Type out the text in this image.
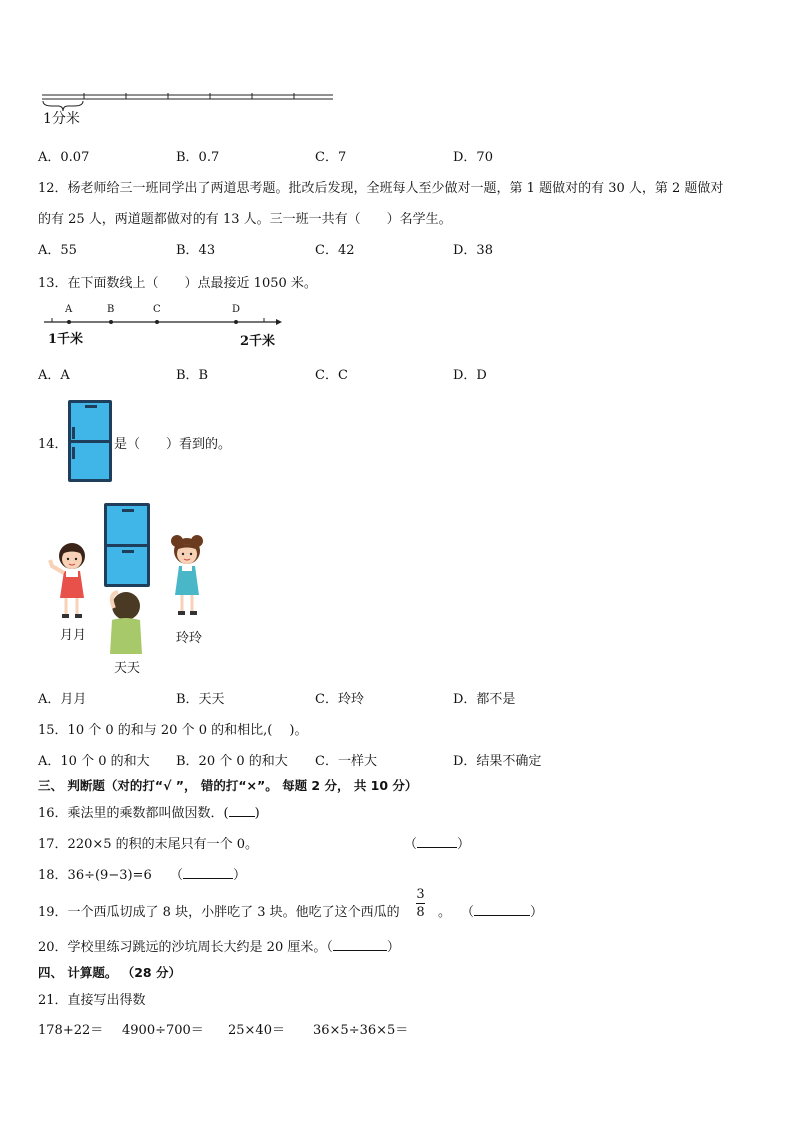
1分米
A．0.07	B．0.7	C．7	D．70
12．杨老师给三一班同学出了两道思考题。批改后发现，全班每人至少做对一题，第 1 题做对的有 30 人，第 2 题做对
的有 25 人，两道题都做对的有 13 人。三一班一共有（　　）名学生。
A．55	B．43	C．42	D．38
13．在下面数线上（　　）点最接近 1050 米。
A	B	C	D
1千米	2千米
A．A	B．B	C．C	D．D
14．	是（　　）看到的。
月月	玲玲
天天
A．月月	B．天天	C．玲玲	D．都不是
15．10 个 0 的和与 20 个 0 的和相比,(　 )。
A．10 个 0 的和大 B．20 个 0 的和大 C．一样大	D．结果不确定
三、 判断题（对的打“√ ”， 错的打“×”。 每题 2 分， 共 10 分）
16．乘法里的乘数都叫做因数．( )
17．220×5 的积的末尾只有一个 0。	（	）
18．36÷(9−3)=6 （	）
19．一个西瓜切成了 8 块，小胖吃了 3 块。他吃了这个西瓜的 $\frac{3}{8}$ 。 （	）
20．学校里练习跳远的沙坑周长大约是 20 厘米。（	）
四、 计算题。 （28 分）
21．直接写出得数
178+22＝ 4900÷700＝ 25×40＝ 36×5÷36×5＝
